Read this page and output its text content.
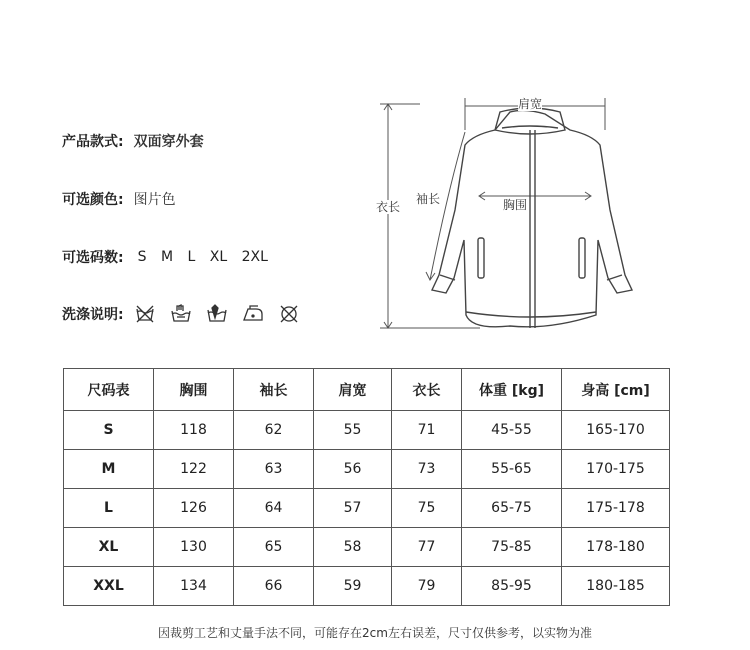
产品款式: 双面穿外套
可选颜色: 图片色
可选码数: S M L XL 2XL
洗涤说明:
肩宽
袖长	胸围
衣长
尺码表	胸围	袖长	肩宽	衣长	体重 [kg]	身高 [cm]
S	118	62	55	71	45-55	165-170
M	122	63	56	73	55-65	170-175
L	126	64	57	75	65-75	175-178
XL	130	65	58	77	75-85	178-180
XXL	134	66	59	79	85-95	180-185
因裁剪工艺和丈量手法不同，可能存在2cm左右误差，尺寸仅供参考，以实物为准
